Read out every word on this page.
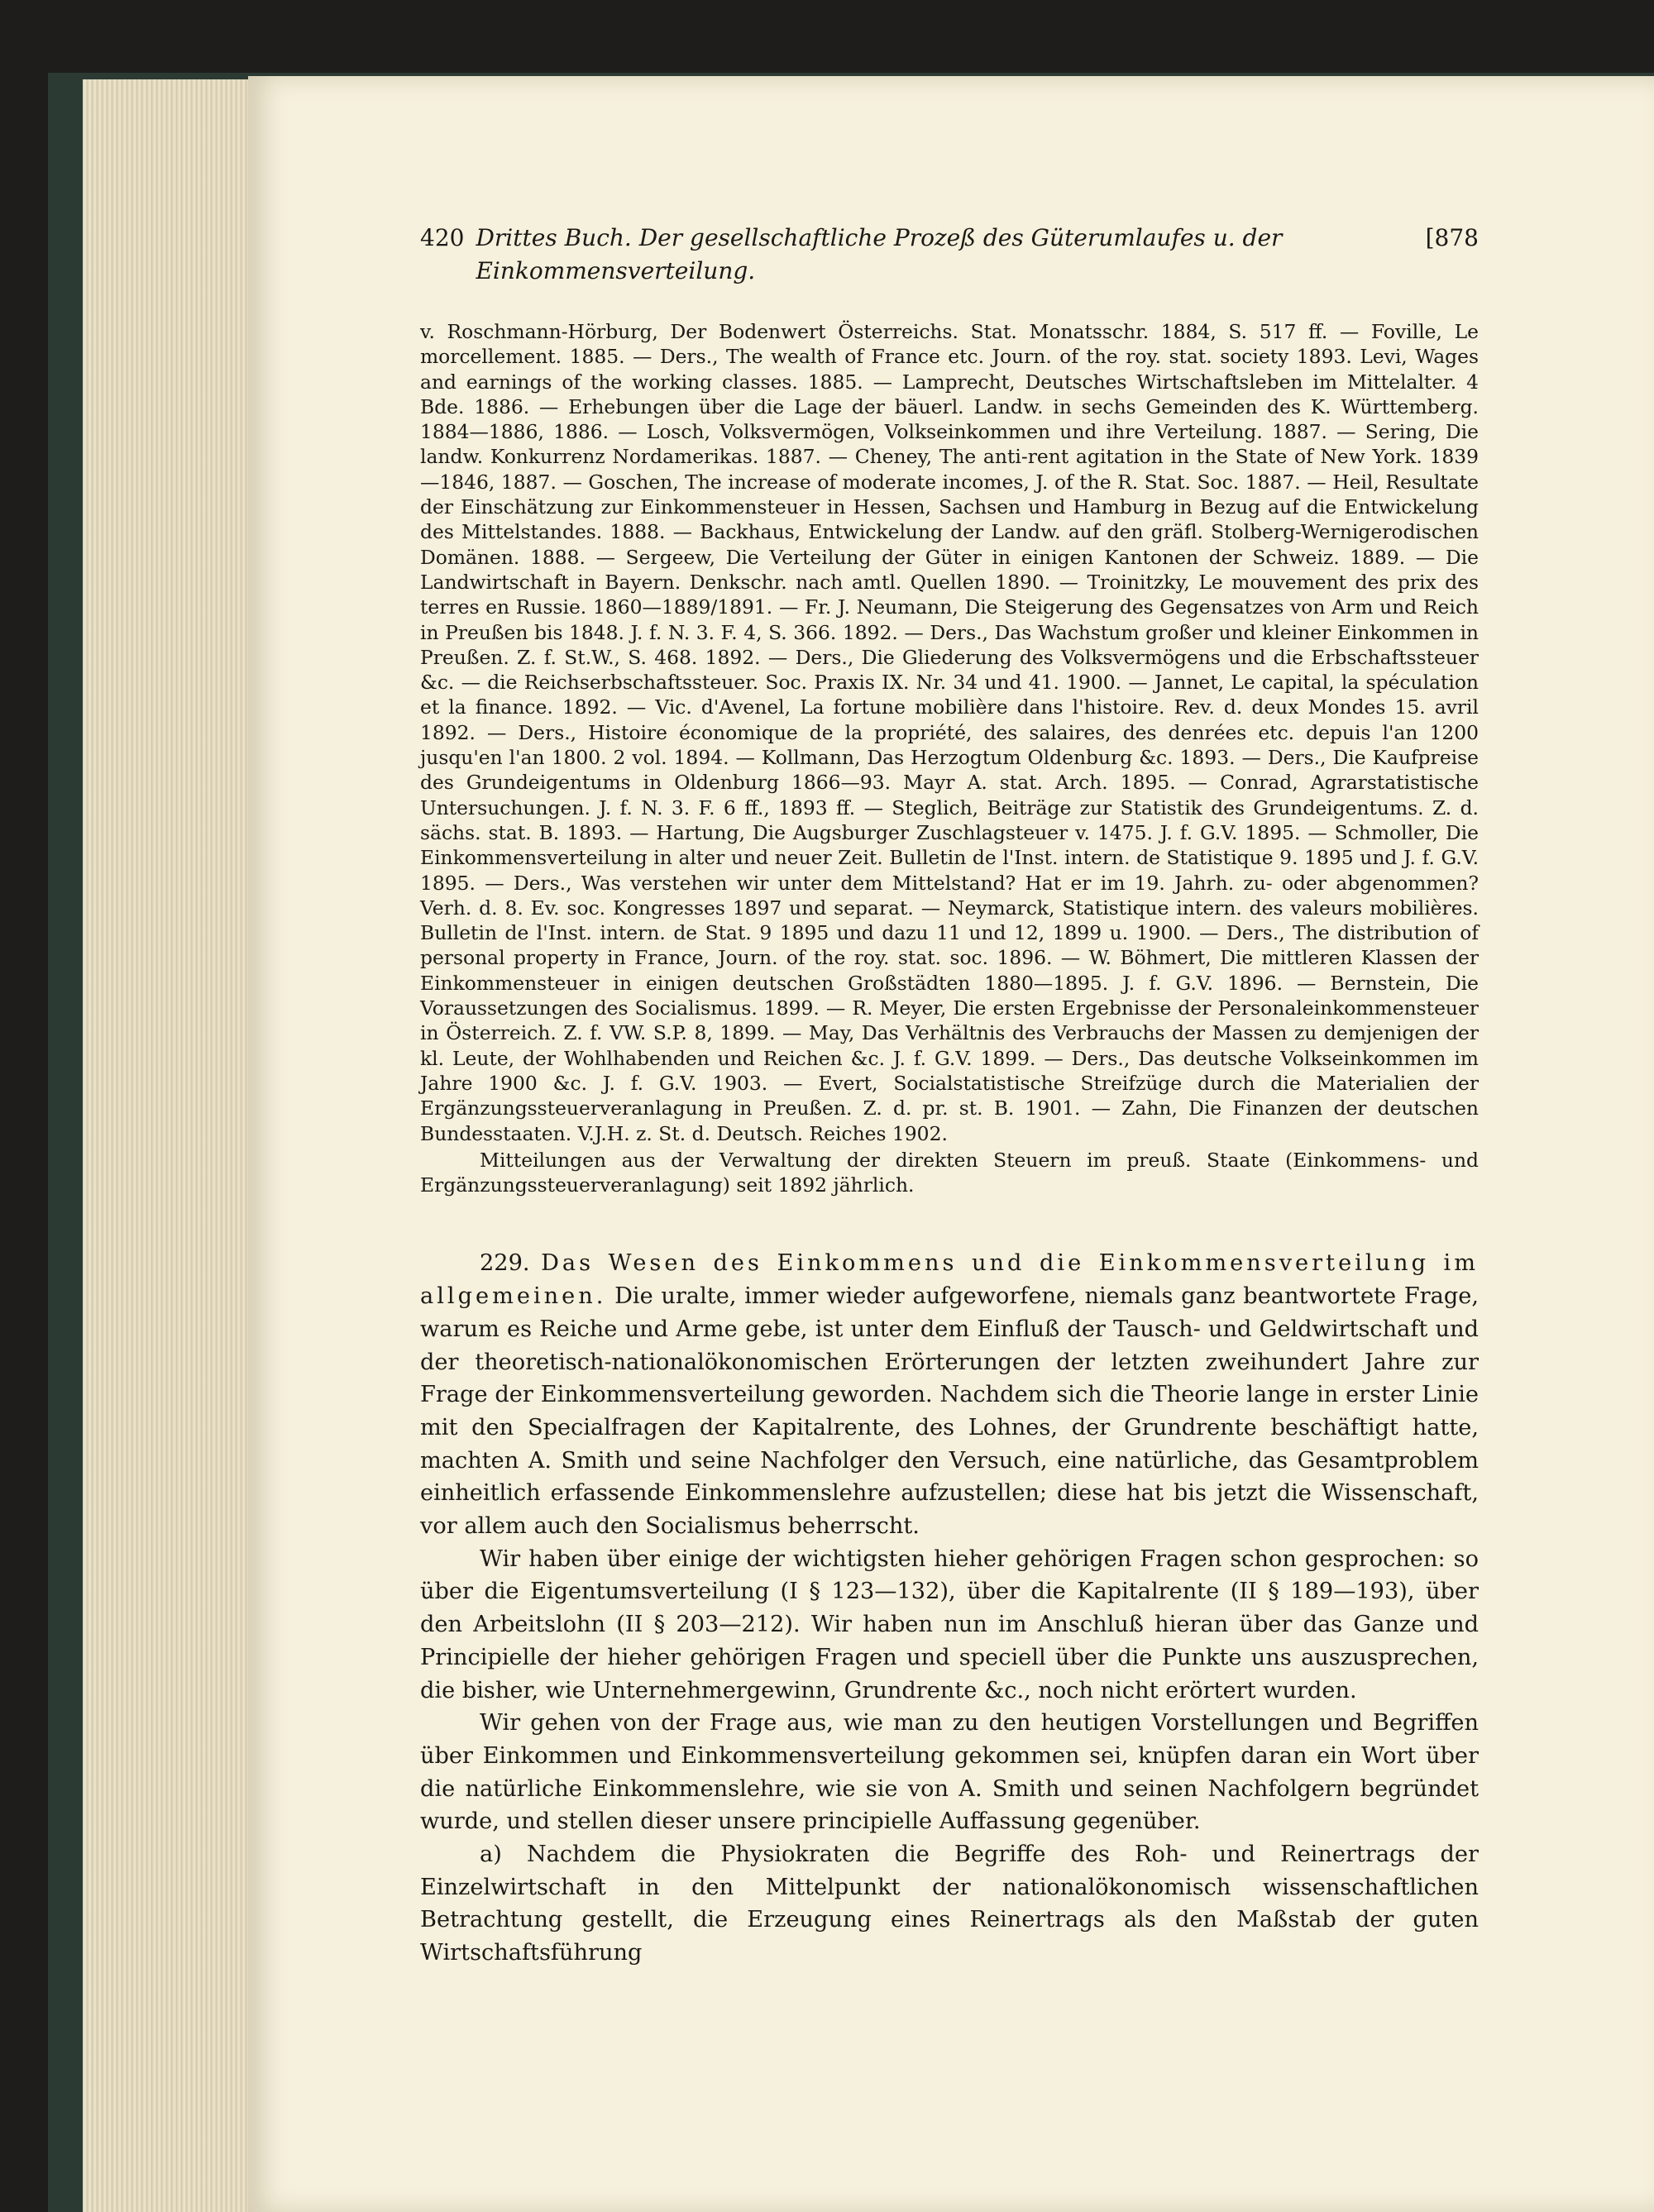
420 Drittes Buch. Der gesellschaftliche Prozeß des Güterumlaufes u. der Einkommensverteilung.
[878

v. Roschmann-Hörburg, Der Bodenwert Österreichs. Stat. Monatsschr. 1884, S. 517 ff. — Foville, Le morcellement. 1885. — Ders., The wealth of France etc. Journ. of the roy. stat. society 1893. Levi, Wages and earnings of the working classes. 1885. — Lamprecht, Deutsches Wirtschaftsleben im Mittelalter. 4 Bde. 1886. — Erhebungen über die Lage der bäuerl. Landw. in sechs Gemeinden des K. Württemberg. 1884—1886, 1886. — Losch, Volksvermögen, Volkseinkommen und ihre Verteilung. 1887. — Sering, Die landw. Konkurrenz Nordamerikas. 1887. — Cheney, The anti-rent agitation in the State of New York. 1839—1846, 1887. — Goschen, The increase of moderate incomes, J. of the R. Stat. Soc. 1887. — Heil, Resultate der Einschätzung zur Einkommensteuer in Hessen, Sachsen und Hamburg in Bezug auf die Entwickelung des Mittelstandes. 1888. — Backhaus, Entwickelung der Landw. auf den gräfl. Stolberg-Wernigerodischen Domänen. 1888. — Sergeew, Die Verteilung der Güter in einigen Kantonen der Schweiz. 1889. — Die Landwirtschaft in Bayern. Denkschr. nach amtl. Quellen 1890. — Troinitzky, Le mouvement des prix des terres en Russie. 1860—1889/1891. — Fr. J. Neumann, Die Steigerung des Gegensatzes von Arm und Reich in Preußen bis 1848. J. f. N. 3. F. 4, S. 366. 1892. — Ders., Das Wachstum großer und kleiner Einkommen in Preußen. Z. f. St.W., S. 468. 1892. — Ders., Die Gliederung des Volksvermögens und die Erbschaftssteuer &c. — die Reichserbschaftssteuer. Soc. Praxis IX. Nr. 34 und 41. 1900. — Jannet, Le capital, la spéculation et la finance. 1892. — Vic. d'Avenel, La fortune mobilière dans l'histoire. Rev. d. deux Mondes 15. avril 1892. — Ders., Histoire économique de la propriété, des salaires, des denrées etc. depuis l'an 1200 jusqu'en l'an 1800. 2 vol. 1894. — Kollmann, Das Herzogtum Oldenburg &c. 1893. — Ders., Die Kaufpreise des Grundeigentums in Oldenburg 1866—93. Mayr A. stat. Arch. 1895. — Conrad, Agrarstatistische Untersuchungen. J. f. N. 3. F. 6 ff., 1893 ff. — Steglich, Beiträge zur Statistik des Grundeigentums. Z. d. sächs. stat. B. 1893. — Hartung, Die Augsburger Zuschlagsteuer v. 1475. J. f. G.V. 1895. — Schmoller, Die Einkommensverteilung in alter und neuer Zeit. Bulletin de l'Inst. intern. de Statistique 9. 1895 und J. f. G.V. 1895. — Ders., Was verstehen wir unter dem Mittelstand? Hat er im 19. Jahrh. zu- oder abgenommen? Verh. d. 8. Ev. soc. Kongresses 1897 und separat. — Neymarck, Statistique intern. des valeurs mobilières. Bulletin de l'Inst. intern. de Stat. 9 1895 und dazu 11 und 12, 1899 u. 1900. — Ders., The distribution of personal property in France, Journ. of the roy. stat. soc. 1896. — W. Böhmert, Die mittleren Klassen der Einkommensteuer in einigen deutschen Großstädten 1880—1895. J. f. G.V. 1896. — Bernstein, Die Voraussetzungen des Socialismus. 1899. — R. Meyer, Die ersten Ergebnisse der Personaleinkommensteuer in Österreich. Z. f. VW. S.P. 8, 1899. — May, Das Verhältnis des Verbrauchs der Massen zu demjenigen der kl. Leute, der Wohlhabenden und Reichen &c. J. f. G.V. 1899. — Ders., Das deutsche Volkseinkommen im Jahre 1900 &c. J. f. G.V. 1903. — Evert, Socialstatistische Streifzüge durch die Materialien der Ergänzungssteuerveranlagung in Preußen. Z. d. pr. st. B. 1901. — Zahn, Die Finanzen der deutschen Bundesstaaten. V.J.H. z. St. d. Deutsch. Reiches 1902.

Mitteilungen aus der Verwaltung der direkten Steuern im preuß. Staate (Einkommens- und Ergänzungssteuerveranlagung) seit 1892 jährlich.

229. Das Wesen des Einkommens und die Einkommensverteilung im allgemeinen. Die uralte, immer wieder aufgeworfene, niemals ganz beantwortete Frage, warum es Reiche und Arme gebe, ist unter dem Einfluß der Tausch- und Geldwirtschaft und der theoretisch-nationalökonomischen Erörterungen der letzten zweihundert Jahre zur Frage der Einkommensverteilung geworden. Nachdem sich die Theorie lange in erster Linie mit den Specialfragen der Kapitalrente, des Lohnes, der Grundrente beschäftigt hatte, machten A. Smith und seine Nachfolger den Versuch, eine natürliche, das Gesamtproblem einheitlich erfassende Einkommenslehre aufzustellen; diese hat bis jetzt die Wissenschaft, vor allem auch den Socialismus beherrscht.

Wir haben über einige der wichtigsten hieher gehörigen Fragen schon gesprochen: so über die Eigentumsverteilung (I § 123—132), über die Kapitalrente (II § 189—193), über den Arbeitslohn (II § 203—212). Wir haben nun im Anschluß hieran über das Ganze und Principielle der hieher gehörigen Fragen und speciell über die Punkte uns auszusprechen, die bisher, wie Unternehmergewinn, Grundrente &c., noch nicht erörtert wurden.

Wir gehen von der Frage aus, wie man zu den heutigen Vorstellungen und Begriffen über Einkommen und Einkommensverteilung gekommen sei, knüpfen daran ein Wort über die natürliche Einkommenslehre, wie sie von A. Smith und seinen Nachfolgern begründet wurde, und stellen dieser unsere principielle Auffassung gegenüber.

a) Nachdem die Physiokraten die Begriffe des Roh- und Reinertrags der Einzelwirtschaft in den Mittelpunkt der nationalökonomisch wissenschaftlichen Betrachtung gestellt, die Erzeugung eines Reinertrags als den Maßstab der guten Wirtschaftsführung
